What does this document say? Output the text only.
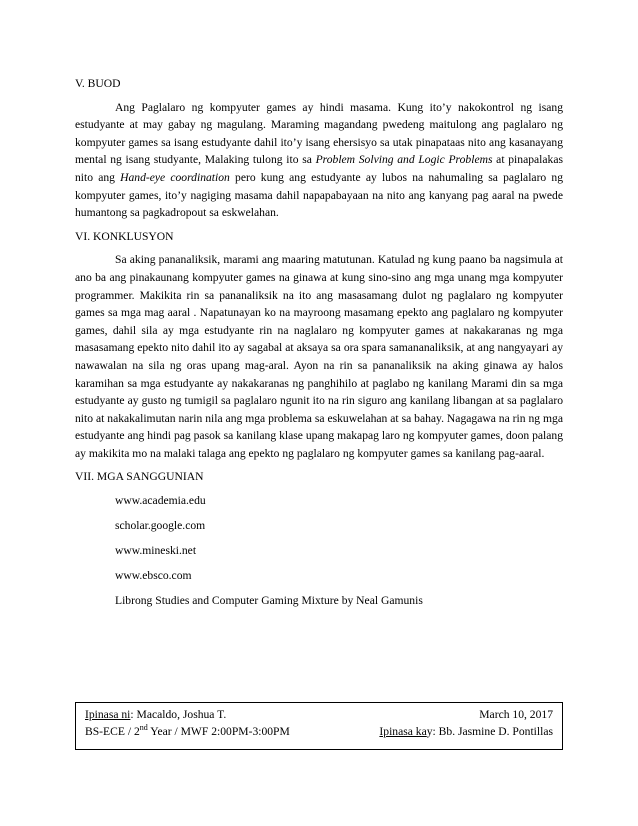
V. BUOD

Ang Paglalaro ng kompyuter games ay hindi masama. Kung ito’y nakokontrol ng isang estudyante at may gabay ng magulang. Maraming magandang pwedeng maitulong ang paglalaro ng kompyuter games sa isang estudyante dahil ito’y isang ehersisyo sa utak pinapataas nito ang kasanayang mental ng isang studyante, Malaking tulong ito sa Problem Solving and Logic Problems at pinapalakas nito ang Hand-eye coordination pero kung ang estudyante ay lubos na nahumaling sa paglalaro ng kompyuter games, ito’y nagiging masama dahil napapabayaan na nito ang kanyang pag aaral na pwede humantong sa pagkadropout sa eskwelahan.

VI. KONKLUSYON

Sa aking pananaliksik, marami ang maaring matutunan. Katulad ng kung paano ba nagsimula at ano ba ang pinakaunang kompyuter games na ginawa at kung sino-sino ang mga unang mga kompyuter programmer. Makikita rin sa pananaliksik na ito ang masasamang dulot ng paglalaro ng kompyuter games sa mga mag aaral . Napatunayan ko na mayroong masamang epekto ang paglalaro ng kompyuter games, dahil sila ay mga estudyante rin na naglalaro ng kompyuter games at nakakaranas ng mga masasamang epekto nito dahil ito ay sagabal at aksaya sa ora spara samananaliksik, at ang nangyayari ay nawawalan na sila ng oras upang mag-aral. Ayon na rin sa pananaliksik na aking ginawa ay halos karamihan sa mga estudyante ay nakakaranas ng panghihilo at paglabo ng kanilang Marami din sa mga estudyante ay gusto ng tumigil sa paglalaro ngunit ito na rin siguro ang kanilang libangan at sa paglalaro nito at nakakalimutan narin nila ang mga problema sa eskuwelahan at sa bahay. Nagagawa na rin ng mga estudyante ang hindi pag pasok sa kanilang klase upang makapag laro ng kompyuter games, doon palang ay makikita mo na malaki talaga ang epekto ng paglalaro ng kompyuter games sa kanilang pag-aaral.

VII. MGA SANGGUNIAN

www.academia.edu

scholar.google.com

www.mineski.net

www.ebsco.com

Librong Studies and Computer Gaming Mixture by Neal Gamunis

Ipinasa ni: Macaldo, Joshua T.	March 10, 2017
BS-ECE / 2nd Year / MWF 2:00PM-3:00PM	Ipinasa kay: Bb. Jasmine D. Pontillas
